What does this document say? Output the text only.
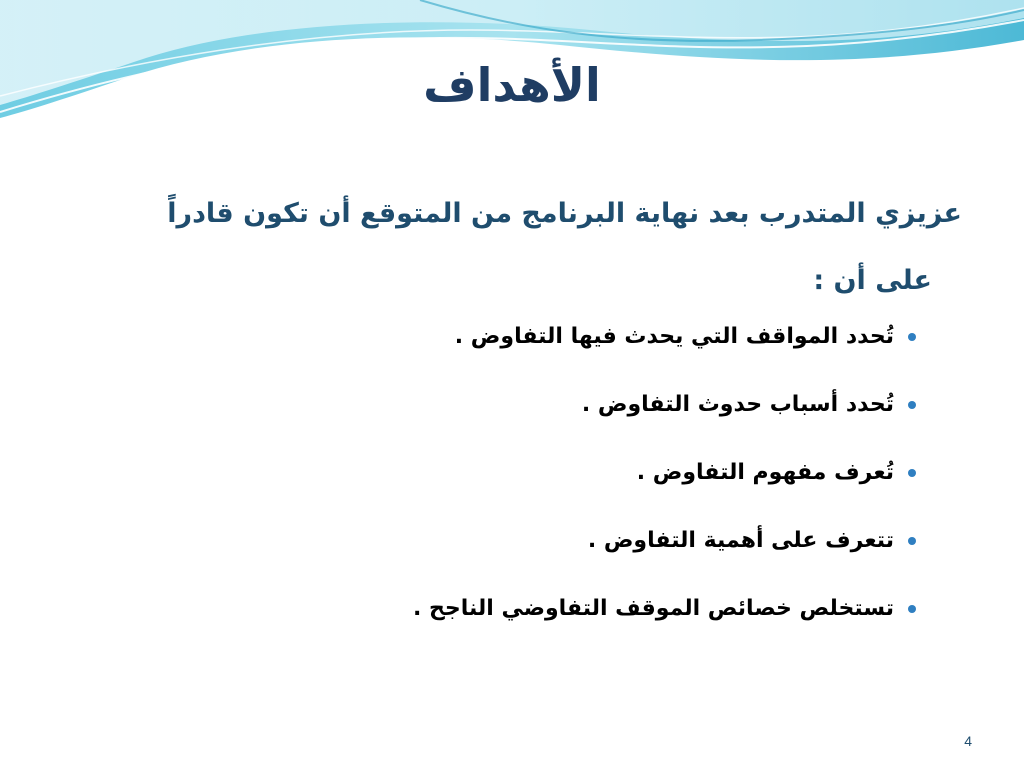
الأهداف
عزيزي المتدرب بعد نهاية البرنامج من المتوقع أن تكون قادراً
على أن :
تُحدد المواقف التي يحدث فيها التفاوض .
تُحدد أسباب حدوث التفاوض .
تُعرف مفهوم التفاوض .
تتعرف على أهمية التفاوض .
تستخلص خصائص الموقف التفاوضي الناجح .
4
